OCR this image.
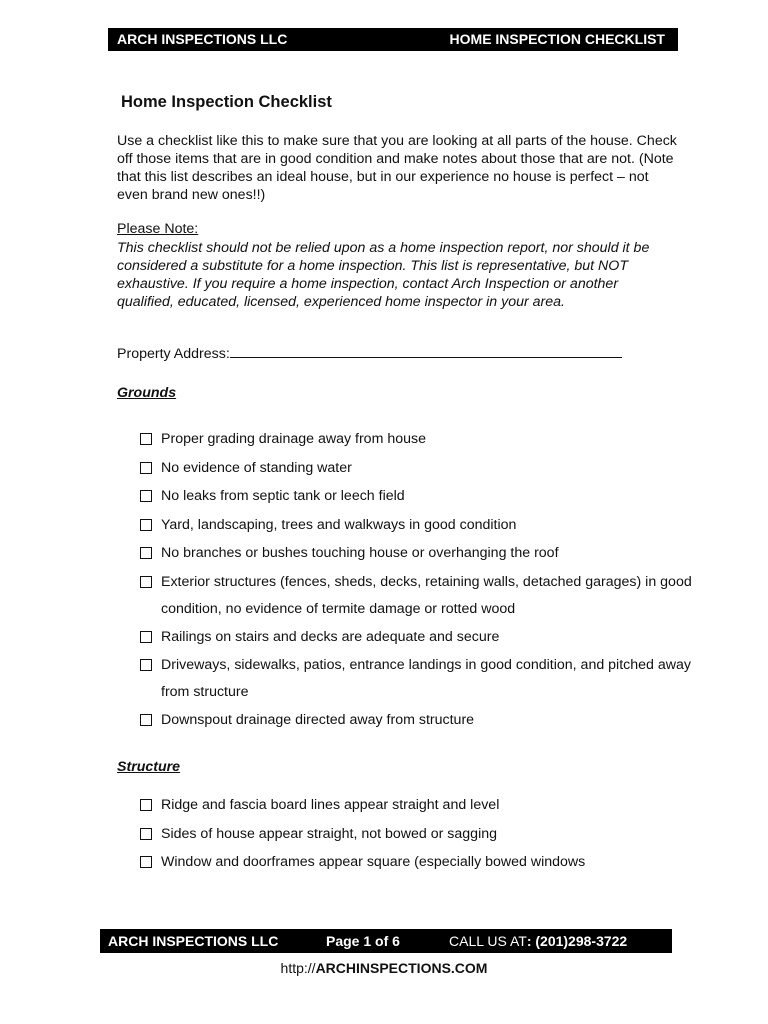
ARCH INSPECTIONS LLC	HOME INSPECTION CHECKLIST
Home Inspection Checklist

Use a checklist like this to make sure that you are looking at all parts of the house. Check off those items that are in good condition and make notes about those that are not. (Note that this list describes an ideal house, but in our experience no house is perfect – not even brand new ones!!)

Please Note:

This checklist should not be relied upon as a home inspection report, nor should it be considered a substitute for a home inspection. This list is representative, but NOT exhaustive. If you require a home inspection, contact Arch Inspection or another qualified, educated, licensed, experienced home inspector in your area.

Property Address:
Grounds
Proper grading drainage away from house
No evidence of standing water
No leaks from septic tank or leech field
Yard, landscaping, trees and walkways in good condition
No branches or bushes touching house or overhanging the roof
Exterior structures (fences, sheds, decks, retaining walls, detached garages) in good condition, no evidence of termite damage or rotted wood
Railings on stairs and decks are adequate and secure
Driveways, sidewalks, patios, entrance landings in good condition, and pitched away from structure
Downspout drainage directed away from structure
Structure
Ridge and fascia board lines appear straight and level
Sides of house appear straight, not bowed or sagging
Window and doorframes appear square (especially bowed windows
ARCH INSPECTIONS LLC	Page 1 of 6	CALL US AT: (201)298-3722
http://ARCHINSPECTIONS.COM
